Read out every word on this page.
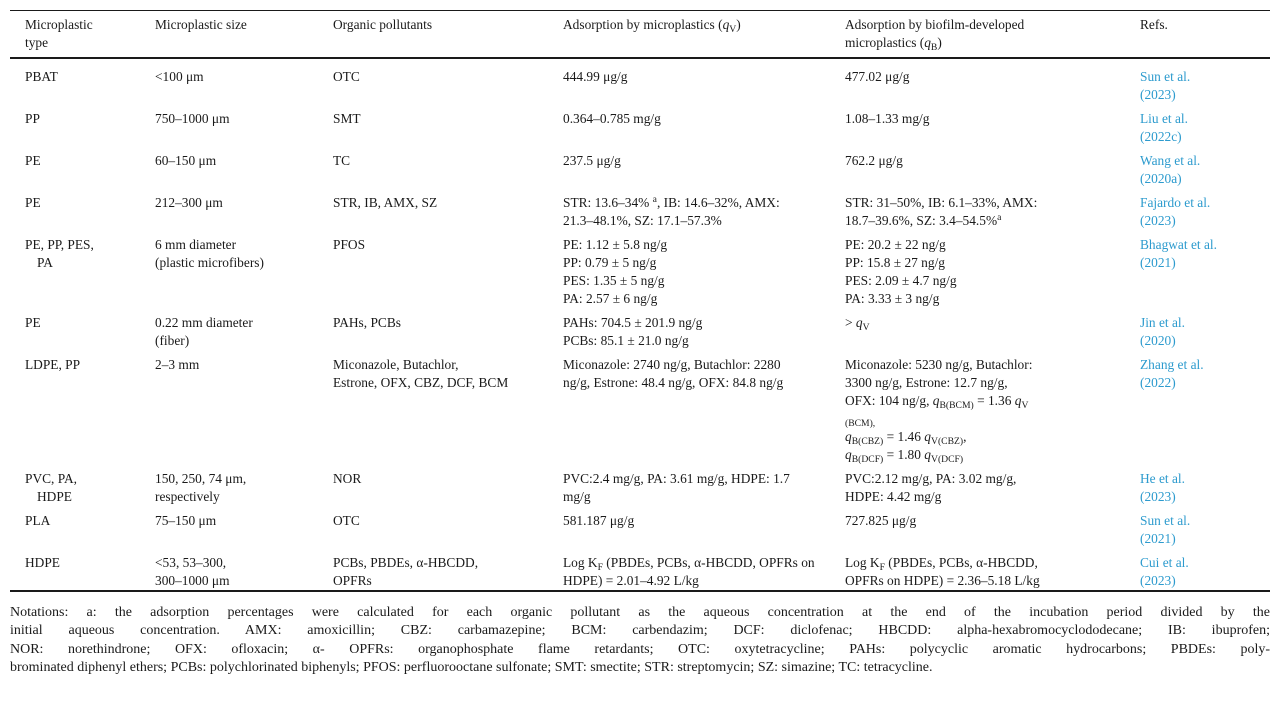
Microplastic
type	Microplastic size	Organic pollutants	Adsorption by microplastics $(q_V)$	Adsorption by biofilm-developed
microplastics $(q_B)$	Refs.
PBAT	<100 μm	OTC	444.99 μg/g	477.02 μg/g	Sun et al.
(2023)
PP	750–1000 μm	SMT	0.364–0.785 mg/g	1.08–1.33 mg/g	Liu et al.
(2022c)
PE	60–150 μm	TC	237.5 μg/g	762.2 μg/g	Wang et al.
(2020a)
PE	212–300 μm	STR, IB, AMX, SZ	STR: 13.6–34% $^a$, IB: 14.6–32%, AMX:
21.3–48.1%, SZ: 17.1–57.3%	STR: 31–50%, IB: 6.1–33%, AMX:
18.7–39.6%, SZ: 3.4–54.5%$^a$	Fajardo et al.
(2023)
PE, PP, PES,
PA	6 mm diameter
(plastic microfibers)	PFOS	PE: 1.12 ± 5.8 ng/g
PP: 0.79 ± 5 ng/g
PES: 1.35 ± 5 ng/g
PA: 2.57 ± 6 ng/g	PE: 20.2 ± 22 ng/g
PP: 15.8 ± 27 ng/g
PES: 2.09 ± 4.7 ng/g
PA: 3.33 ± 3 ng/g	Bhagwat et al.
(2021)
PE	0.22 mm diameter
(fiber)	PAHs, PCBs	PAHs: 704.5 ± 201.9 ng/g
PCBs: 85.1 ± 21.0 ng/g	> $q_V$	Jin et al.
(2020)
LDPE, PP	2–3 mm	Miconazole, Butachlor,
Estrone, OFX, CBZ, DCF, BCM	Miconazole: 2740 ng/g, Butachlor: 2280
ng/g, Estrone: 48.4 ng/g, OFX: 84.8 ng/g	Miconazole: 5230 ng/g, Butachlor:
3300 ng/g, Estrone: 12.7 ng/g,
OFX: 104 ng/g, $q_{B(BCM)} = 1.36$ $q_V$
$_{(BCM),}$
$q_{B(CBZ)} = 1.46$ $q_{V(CBZ)}$,
$q_{B(DCF)} = 1.80$ $q_{V(DCF)}$	Zhang et al.
(2022)
PVC, PA,
HDPE	150, 250, 74 μm,
respectively	NOR	PVC:2.4 mg/g, PA: 3.61 mg/g, HDPE: 1.7
mg/g	PVC:2.12 mg/g, PA: 3.02 mg/g,
HDPE: 4.42 mg/g	He et al.
(2023)
PLA	75–150 μm	OTC	581.187 μg/g	727.825 μg/g	Sun et al.
(2021)
HDPE	<53, 53–300,
300–1000 μm	PCBs, PBDEs, α-HBCDD,
OPFRs	Log $K_F$ (PBDEs, PCBs, α-HBCDD, OPFRs on
HDPE) = 2.01–4.92 L/kg	Log $K_F$ (PBDEs, PCBs, α-HBCDD,
OPFRs on HDPE) = 2.36–5.18 L/kg	Cui et al.
(2023)
Notations: a: the adsorption percentages were calculated for each organic pollutant as the aqueous concentration at the end of the incubation period divided by the
initial aqueous concentration. AMX: amoxicillin; CBZ: carbamazepine; BCM: carbendazim; DCF: diclofenac; HBCDD: alpha-hexabromocyclododecane; IB: ibuprofen;
NOR: norethindrone; OFX: ofloxacin; α- OPFRs: organophosphate flame retardants; OTC: oxytetracycline; PAHs: polycyclic aromatic hydrocarbons; PBDEs: poly-
brominated diphenyl ethers; PCBs: polychlorinated biphenyls; PFOS: perfluorooctane sulfonate; SMT: smectite; STR: streptomycin; SZ: simazine; TC: tetracycline.
